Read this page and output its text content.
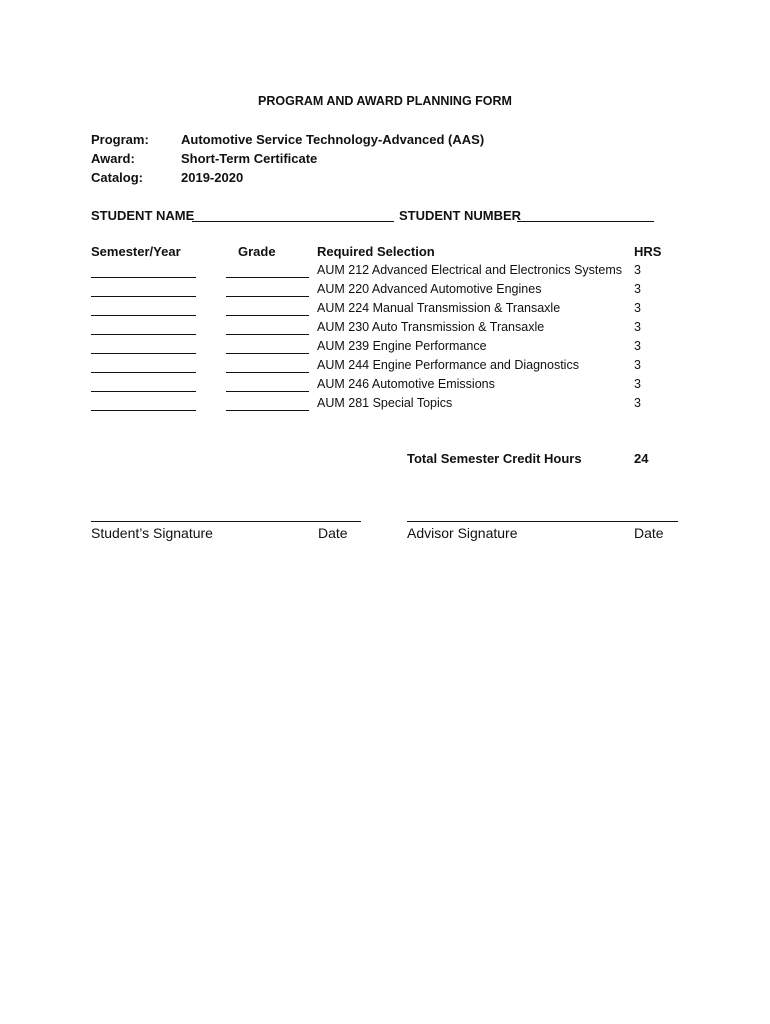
PROGRAM AND AWARD PLANNING FORM
Program: Automotive Service Technology-Advanced (AAS)
Award:	Short-Term Certificate
Catalog:	2019-2020
STUDENT NAME	STUDENT NUMBER
Semester/Year	Grade	Required Selection	HRS
AUM 212 Advanced Electrical and Electronics Systems 3
AUM 220 Advanced Automotive Engines	3
AUM 224 Manual Transmission & Transaxle	3
AUM 230 Auto Transmission & Transaxle	3
AUM 239 Engine Performance	3
AUM 244 Engine Performance and Diagnostics	3
AUM 246 Automotive Emissions	3
AUM 281 Special Topics	3
Total Semester Credit Hours	24
Student’s Signature	Date	Advisor Signature	Date
